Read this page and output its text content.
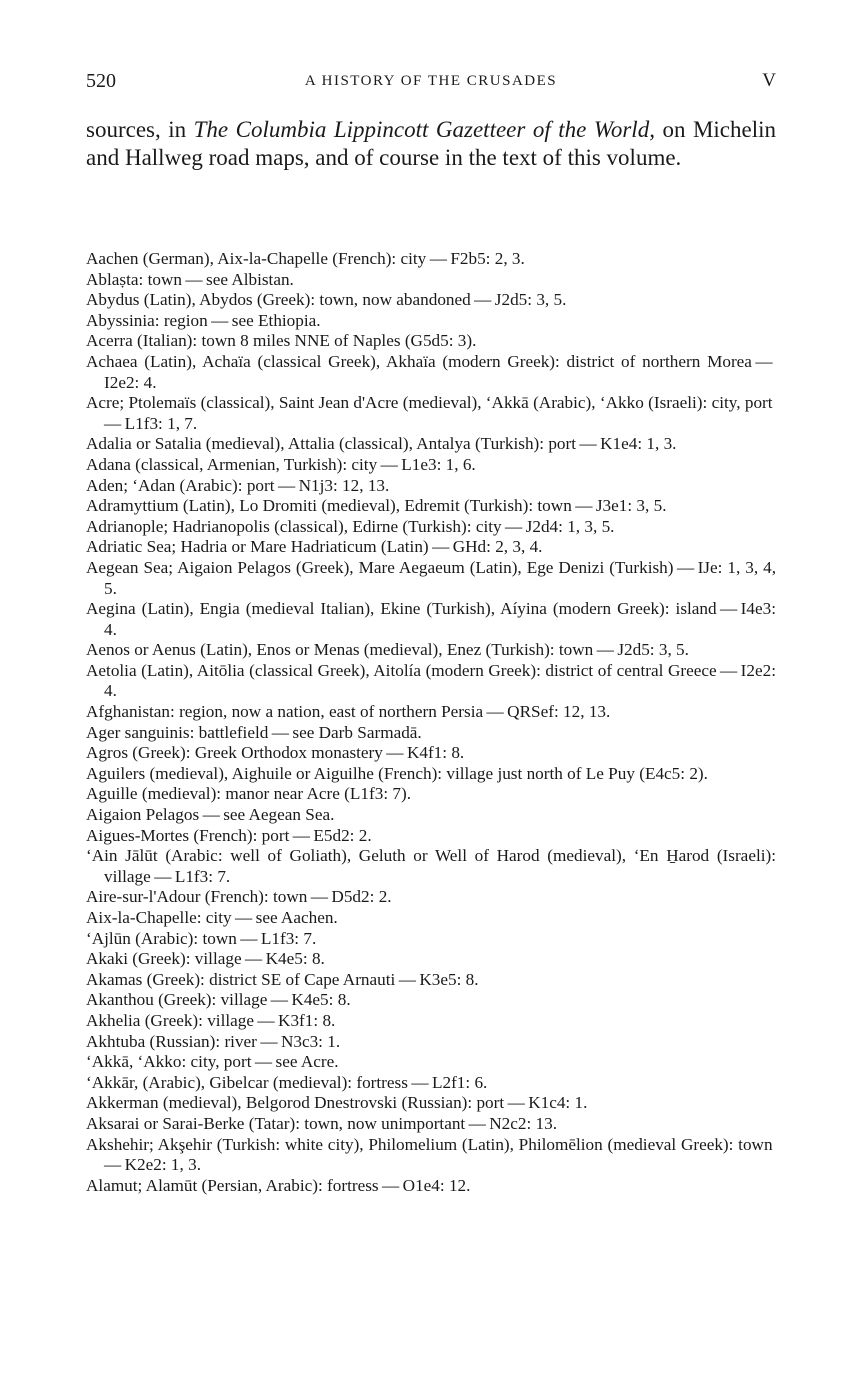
520	A HISTORY OF THE CRUSADES	V

sources, in The Columbia Lippincott Gazetteer of the World, on Michelin and Hallweg road maps, and of course in the text of this volume.

Aachen (German), Aix-la-Chapelle (French): city — F2b5: 2, 3.
Ablaṣta: town — see Albistan.
Abydus (Latin), Abydos (Greek): town, now abandoned — J2d5: 3, 5.
Abyssinia: region — see Ethiopia.
Acerra (Italian): town 8 miles NNE of Naples (G5d5: 3).
Achaea (Latin), Achaïa (classical Greek), Akhaïa (modern Greek): district of northern Morea — I2e2: 4.
Acre; Ptolemaïs (classical), Saint Jean d'Acre (medieval), ‘Akkā (Arabic), ‘Akko (Israeli): city, port — L1f3: 1, 7.
Adalia or Satalia (medieval), Attalia (classical), Antalya (Turkish): port — K1e4: 1, 3.
Adana (classical, Armenian, Turkish): city — L1e3: 1, 6.
Aden; ‘Adan (Arabic): port — N1j3: 12, 13.
Adramyttium (Latin), Lo Dromiti (medieval), Edremit (Turkish): town — J3e1: 3, 5.
Adrianople; Hadrianopolis (classical), Edirne (Turkish): city — J2d4: 1, 3, 5.
Adriatic Sea; Hadria or Mare Hadriaticum (Latin) — GHd: 2, 3, 4.
Aegean Sea; Aigaion Pelagos (Greek), Mare Aegaeum (Latin), Ege Denizi (Turkish) — IJe: 1, 3, 4, 5.
Aegina (Latin), Engia (medieval Italian), Ekine (Turkish), Aíyina (modern Greek): island — I4e3: 4.
Aenos or Aenus (Latin), Enos or Menas (medieval), Enez (Turkish): town — J2d5: 3, 5.
Aetolia (Latin), Aitōlia (classical Greek), Aitolía (modern Greek): district of central Greece — I2e2: 4.
Afghanistan: region, now a nation, east of northern Persia — QRSef: 12, 13.
Ager sanguinis: battlefield — see Darb Sarmadā.
Agros (Greek): Greek Orthodox monastery — K4f1: 8.
Aguilers (medieval), Aighuile or Aiguilhe (French): village just north of Le Puy (E4c5: 2).
Aguille (medieval): manor near Acre (L1f3: 7).
Aigaion Pelagos — see Aegean Sea.
Aigues-Mortes (French): port — E5d2: 2.
‘Ain Jālūt (Arabic: well of Goliath), Geluth or Well of Harod (medieval), ‘En H̱arod (Israeli): village — L1f3: 7.
Aire-sur-l'Adour (French): town — D5d2: 2.
Aix-la-Chapelle: city — see Aachen.
‘Ajlūn (Arabic): town — L1f3: 7.
Akaki (Greek): village — K4e5: 8.
Akamas (Greek): district SE of Cape Arnauti — K3e5: 8.
Akanthou (Greek): village — K4e5: 8.
Akhelia (Greek): village — K3f1: 8.
Akhtuba (Russian): river — N3c3: 1.
‘Akkā, ‘Akko: city, port — see Acre.
‘Akkār, (Arabic), Gibelcar (medieval): fortress — L2f1: 6.
Akkerman (medieval), Belgorod Dnestrovski (Russian): port — K1c4: 1.
Aksarai or Sarai-Berke (Tatar): town, now unimportant — N2c2: 13.
Akshehir; Akşehir (Turkish: white city), Philomelium (Latin), Philomēlion (medieval Greek): town — K2e2: 1, 3.
Alamut; Alamūt (Persian, Arabic): fortress — O1e4: 12.
